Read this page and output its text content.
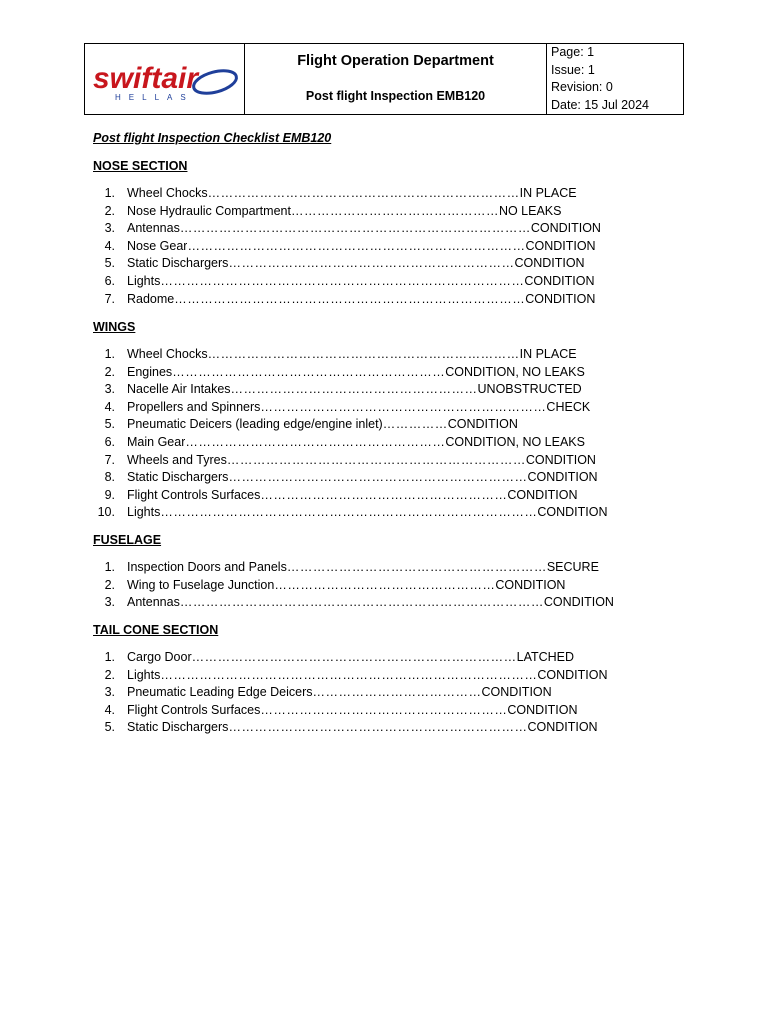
swiftair
HELLAS
Flight Operation Department
Post flight Inspection EMB120
Page: 1
Issue: 1
Revision: 0
Date: 15 Jul 2024
Post flight Inspection Checklist EMB120
NOSE SECTION
1. Wheel Chocks ……………………………………………………………… IN PLACE
2. Nose Hydraulic Compartment ………………………………………… NO LEAKS
3. Antennas ……………………………………………………………………… CONDITION
4. Nose Gear …………………………………………………………………… CONDITION
5. Static Dischargers ………………………………………………………… CONDITION
6. Lights ………………………………………………………………………… CONDITION
7. Radome ……………………………………………………………………… CONDITION
WINGS
1. Wheel Chocks ……………………………………………………………… IN PLACE
2. Engines ……………………………………………………… CONDITION, NO LEAKS
3. Nacelle Air Intakes ………………………………………………… UNOBSTRUCTED
4. Propellers and Spinners ………………………………………………………… CHECK
5. Pneumatic Deicers (leading edge/engine inlet) …………… CONDITION
6. Main Gear …………………………………………………… CONDITION, NO LEAKS
7. Wheels and Tyres …………………………………………………………… CONDITION
8. Static Dischargers …………………………………………………………… CONDITION
9. Flight Controls Surfaces ………………………………………………… CONDITION
10. Lights …………………………………………………………………………… CONDITION
FUSELAGE
1. Inspection Doors and Panels …………………………………………………… SECURE
2. Wing to Fuselage Junction …………………………………………… CONDITION
3. Antennas ………………………………………………………………………… CONDITION
TAIL CONE SECTION
1. Cargo Door ………………………………………………………………… LATCHED
2. Lights …………………………………………………………………………… CONDITION
3. Pneumatic Leading Edge Deicers ………………………………… CONDITION
4. Flight Controls Surfaces ………………………………………………… CONDITION
5. Static Dischargers …………………………………………………………… CONDITION
